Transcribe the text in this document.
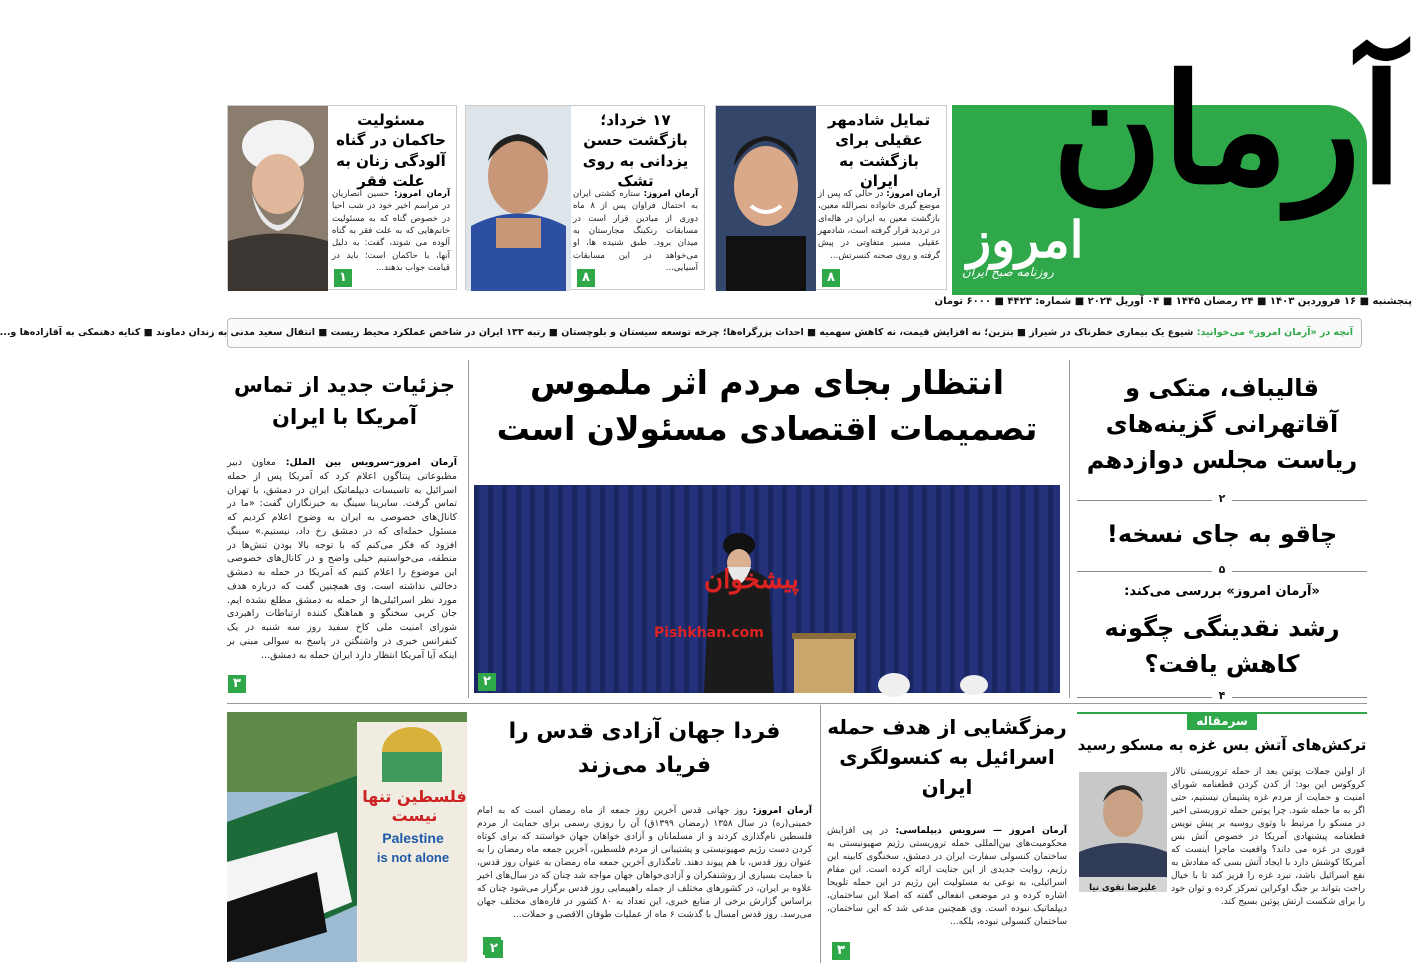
آرمان
امروز
روزنامه صبح ایران
پنجشنبه ■ ۱۶ فروردین ۱۴۰۳ ■ ۲۴ رمضان ۱۴۴۵ ■ ۰۴ آوریل ۲۰۲۴ ■ شماره: ۴۴۲۳ ■ ۶۰۰۰ تومان
تمایل شادمهر عقیلی برای بازگشت به ایران
آرمان امروز: در حالی که پس از موضع گیری خانواده نصرالله معین، بازگشت معین به ایران در هاله‌ای در تردید قرار گرفته است، شادمهر عقیلی مسیر متفاوتی در پیش گرفته و روی صحنه کنسرتش...
۸
۱۷ خرداد؛ بازگشت حسن یزدانی به روی تشک
آرمان امروز: ستاره کشتی ایران به احتمال فراوان پس از ۸ ماه دوری از میادین قرار است در مسابقات رنکینگ مجارستان به میدان برود. طبق شنیده ها، او می‌خواهد در این مسابقات آسیایی...
۸
مسئولیت حاکمان در گناه آلودگی زنان به علت فقر
آرمان امروز: حسین انصاریان در مراسم اخیر خود در شب احیا در خصوص گناه که به مسئولیت خانم‌هایی که به علت فقر به گناه آلوده می شوند، گفت: به دلیل آنها، با حاکمان است؛ باید در قیامت جواب بدهند...
۱
آنچه در «آرمان امروز» می‌خوانید: شیوع یک بیماری خطرناک در شیراز ■ بنزین؛ نه افزایش قیمت، نه کاهش سهمیه ■ احداث بزرگراه‌ها؛ چرخه توسعه سیستان و بلوچستان ■ رتبه ۱۳۳ ایران در شاخص عملکرد محیط زیست ■ انتقال سعید مدنی به زندان دماوند ■ کنایه دهنمکی به آقازاده‌ها و...
انتظار بجای مردم اثر ملموس
تصمیمات اقتصادی مسئولان است
پیشخوان
Pishkhan.com
۲
قالیباف، متکی و آقاتهرانی گزینه‌های ریاست مجلس دوازدهم
۲
چاقو به جای نسخه!
۵
«آرمان امروز» بررسی می‌کند:
رشد نقدینگی چگونه کاهش یافت؟
۴
جزئیات جدید از تماس آمریکا با ایران
آرمان امروز–سرویس بین الملل: معاون دبیر مطبوعاتی پنتاگون اعلام کرد که آمریکا پس از حمله اسرائیل به تاسیسات دیپلماتیک ایران در دمشق، با تهران تماس گرفت. سابرینا سینگ به خبرنگاران گفت: «ما در کانال‌های خصوصی به ایران به وضوح اعلام کردیم که مسئول حمله‌ای که در دمشق رخ داد، نیستیم.» سینگ افزود که فکر می‌کنم که با توجه بالا بودن تنش‌ها در منطقه، می‌خواستیم خیلی واضح و در کانال‌های خصوصی این موضوع را اعلام کنیم که آمریکا در حمله به دمشق دخالتی نداشته است. وی همچنین گفت که درباره هدف مورد نظر اسرائیلی‌ها از حمله به دمشق مطلع نشده ایم. جان کربی سخنگو و هماهنگ کننده ارتباطات راهبردی شورای امنیت ملی کاخ سفید روز سه شنبه در یک کنفرانس خبری در واشنگتن در پاسخ به سوالی مبنی بر اینکه آیا آمریکا انتظار دارد ایران حمله به دمشق...
۳
فلسطین تنها نیست
Palestine
is not alone
فردا جهان آزادی قدس را فریاد می‌زند
آرمان امروز: روز جهانی قدس آخرین روز جمعه از ماه رمضان است که به امام خمینی(ره) در سال ۱۳۵۸ (رمضان ۱۳۹۹ق) آن را روزی رسمی برای حمایت از مردم فلسطین نام‌گذاری کردند و از مسلمانان و آزادی خواهان جهان خواستند که برای کوتاه کردن دست رژیم صهیونیستی و پشتیبانی از مردم فلسطین، آخرین جمعه ماه رمضان را به عنوان روز قدس، با هم پیوند دهند. تامگذاری آخرین جمعه ماه رمضان به عنوان روز قدس، با حمایت بسیاری از روشنفکران و آزادی‌خواهان جهان مواجه شد چنان که در سال‌های اخیر علاوه بر ایران، در کشورهای مختلف از جمله راهپیمایی روز قدس برگزار می‌شود چنان که براساس گزارش برخی از منابع خبری، این تعداد به ۸۰ کشور در قاره‌های مختلف جهان می‌رسد. روز قدس امسال با گذشت ۶ ماه از عملیات طوفان الاقصی و حملات...
۲
رمزگشایی از هدف حمله اسرائیل به کنسولگری ایران
آرمان امروز — سرویس دیپلماسی: در پی افزایش محکومیت‌های بین‌المللی حمله تروریستی رژیم صهیونیستی به ساختمان کنسولی سفارت ایران در دمشق، سخنگوی کابینه این رژیم، روایت جدیدی از این جنایت ارائه کرده است. این مقام اسرائیلی، به نوعی به مسئولیت این رژیم در این حمله تلویحا اشاره کرده و در موضعی انفعالی گفته که اصلا این ساختمان، دیپلماتیک نبوده است. وی همچنین مدعی شد که این ساختمان، ساختمان کنسولی نبوده، بلکه...
۳
سرمقاله
ترکش‌های آتش بس غزه به مسکو رسید
علیرضا تقوی نیا
از اولین جملات پوتین بعد از حمله تروریستی تالار کروکوس این بود: از کدن کردن قطعنامه شورای امنیت و حمایت از مردم غزه پشیمان نیستیم، حتی اگر به ما حمله شود. چرا پوتین حمله تروریستی اخیر در مسکو را مرتبط با وتوی روسیه بر پیش نویس قطعنامه پیشنهادی آمریکا در خصوص آتش بس فوری در غزه می داند؟ واقعیت ماجرا اینست که آمریکا کوشش دارد با ایجاد آتش بسی که مفادش به نفع اسرائیل باشد، نبرد غزه را فریز کند تا با خیال راحت بتواند بر جنگ اوکراین تمرکز کرده و توان خود را برای شکست ارتش پوتین بسیج کند.
